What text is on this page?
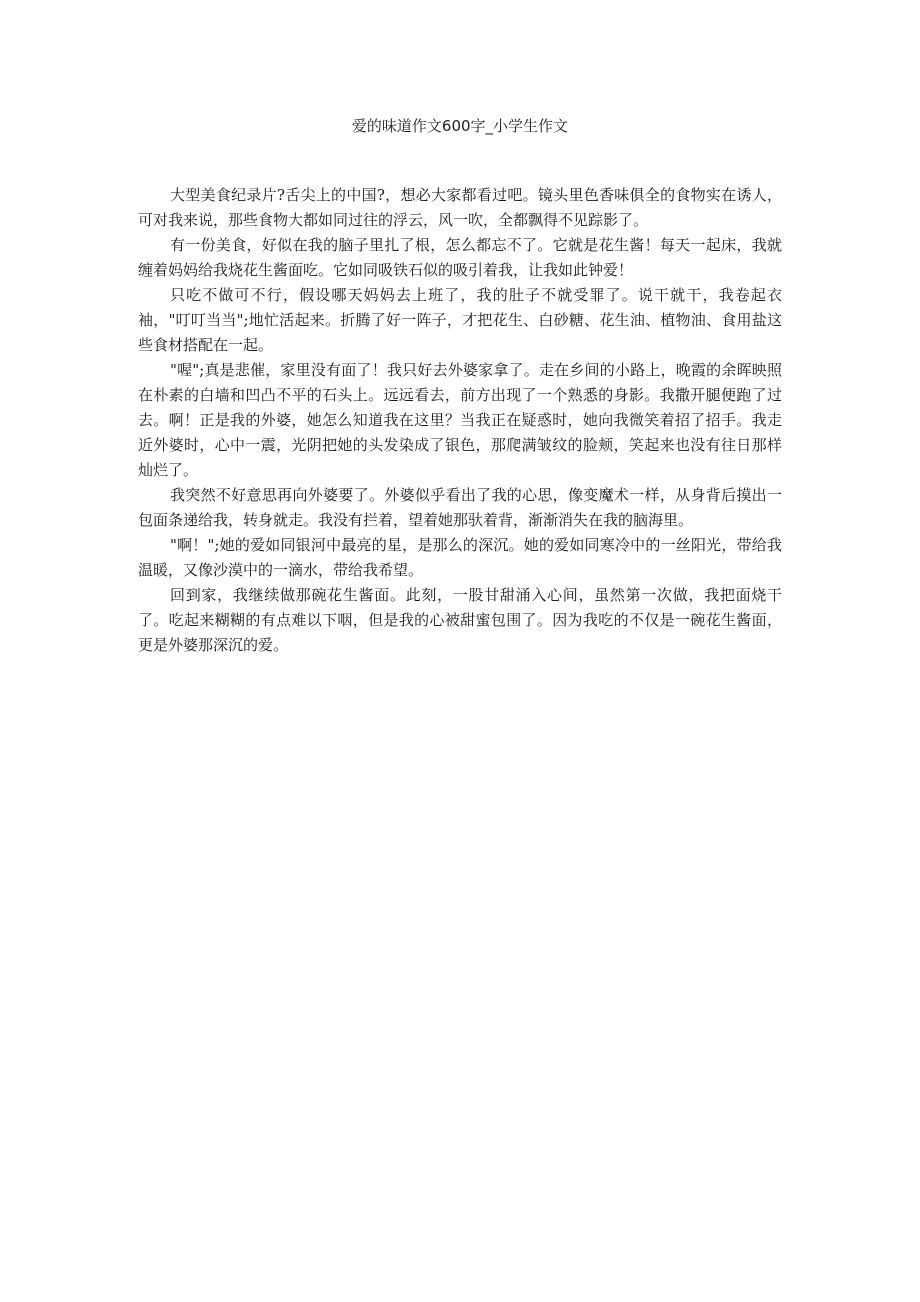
爱的味道作文600字_小学生作文

大型美食纪录片?舌尖上的中国?，想必大家都看过吧。镜头里色香味俱全的食物实在诱人，可对我来说，那些食物大都如同过往的浮云，风一吹，全都飘得不见踪影了。

有一份美食，好似在我的脑子里扎了根，怎么都忘不了。它就是花生酱！每天一起床，我就缠着妈妈给我烧花生酱面吃。它如同吸铁石似的吸引着我，让我如此钟爱！

只吃不做可不行，假设哪天妈妈去上班了，我的肚子不就受罪了。说干就干，我卷起衣袖，"叮叮当当";地忙活起来。折腾了好一阵子，才把花生、白砂糖、花生油、植物油、食用盐这些食材搭配在一起。

"喔";真是悲催，家里没有面了！我只好去外婆家拿了。走在乡间的小路上，晚霞的余晖映照在朴素的白墙和凹凸不平的石头上。远远看去，前方出现了一个熟悉的身影。我撒开腿便跑了过去。啊！正是我的外婆，她怎么知道我在这里？当我正在疑惑时，她向我微笑着招了招手。我走近外婆时，心中一震，光阴把她的头发染成了银色，那爬满皱纹的脸颊，笑起来也没有往日那样灿烂了。

我突然不好意思再向外婆要了。外婆似乎看出了我的心思，像变魔术一样，从身背后摸出一包面条递给我，转身就走。我没有拦着，望着她那驮着背，渐渐消失在我的脑海里。

"啊！";她的爱如同银河中最亮的星，是那么的深沉。她的爱如同寒冷中的一丝阳光，带给我温暖，又像沙漠中的一滴水，带给我希望。

回到家，我继续做那碗花生酱面。此刻，一股甘甜涌入心间，虽然第一次做，我把面烧干了。吃起来糊糊的有点难以下咽，但是我的心被甜蜜包围了。因为我吃的不仅是一碗花生酱面，更是外婆那深沉的爱。
